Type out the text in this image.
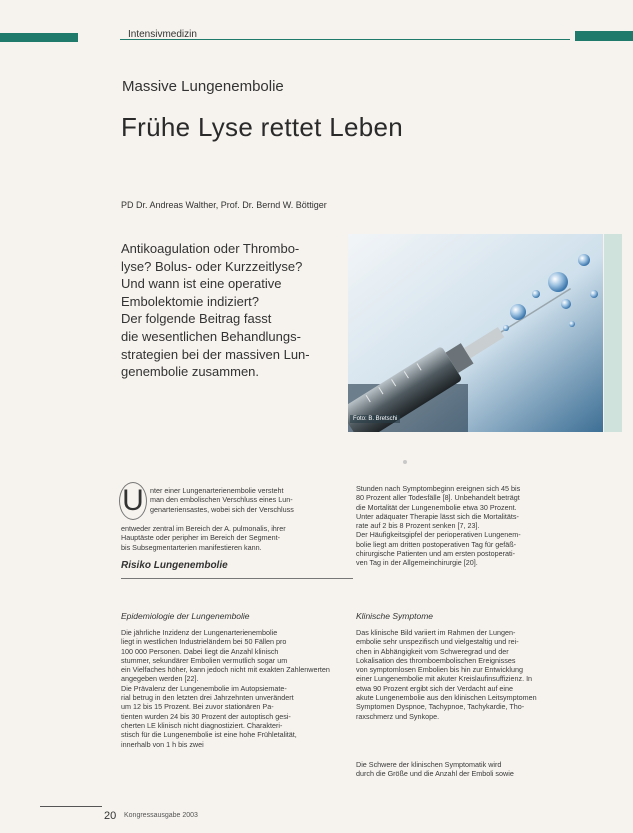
Intensivmedizin
Massive Lungenembolie
Frühe Lyse rettet Leben
PD Dr. Andreas Walther, Prof. Dr. Bernd W. Böttiger
Antikoagulation oder Thrombo-
lyse? Bolus- oder Kurzzeitlyse?
Und wann ist eine operative
Embolektomie indiziert?
Der folgende Beitrag fasst
die wesentlichen Behandlungs-
strategien bei der massiven Lun-
genembolie zusammen.
Foto: B. Bretschi
U nter einer Lungenarterienembolie versteht
man den embolischen Verschluss eines Lun-
genarteriensastes, wobei sich der Verschluss
entweder zentral im Bereich der A. pulmonalis, ihrer
Hauptäste oder peripher im Bereich der Segment-
bis Subsegmentarterien manifestieren kann.
Risiko Lungenembolie
Epidemiologie der Lungenembolie
Die jährliche Inzidenz der Lungenarterienembolie
liegt in westlichen Industrieländern bei 50 Fällen pro
100 000 Personen. Dabei liegt die Anzahl klinisch
stummer, sekundärer Embolien vermutlich sogar um
ein Vielfaches höher, kann jedoch nicht mit exakten Zahlenwerten
angegeben werden [22].
Die Prävalenz der Lungenembolie im Autopsiemate-
rial betrug in den letzten drei Jahrzehnten unverändert
um 12 bis 15 Prozent. Bei zuvor stationären Pa-
tienten wurden 24 bis 30 Prozent der autoptisch gesi-
cherten LE klinisch nicht diagnostiziert. Charakteri-
stisch für die Lungenembolie ist eine hohe Frühletalität,
innerhalb von 1 h bis zwei
Stunden nach Symptombeginn ereignen sich 45 bis
80 Prozent aller Todesfälle [8]. Unbehandelt beträgt
die Mortalität der Lungenembolie etwa 30 Prozent.
Unter adäquater Therapie lässt sich die Mortalitäts-
rate auf 2 bis 8 Prozent senken [7, 23].
Der Häufigkeitsgipfel der perioperativen Lungenem-
bolie liegt am dritten postoperativen Tag für gefäß-
chirurgische Patienten und am ersten postoperati-
ven Tag in der Allgemeinchirurgie [20].
Klinische Symptome
Das klinische Bild variiert im Rahmen der Lungen-
embolie sehr unspezifisch und vielgestaltig und rei-
chen in Abhängigkeit vom Schweregrad und der
Lokalisation des thromboembolischen Ereignisses
von symptomlosen Embolien bis hin zur Entwicklung
einer Lungenembolie mit akuter Kreislaufinsuffizienz. In
etwa 90 Prozent ergibt sich der Verdacht auf eine
akute Lungenembolie aus den klinischen Leitsymptomen
Symptomen Dyspnoe, Tachypnoe, Tachykardie, Tho-
raxschmerz und Synkope.
Die Schwere der klinischen Symptomatik wird
durch die Größe und die Anzahl der Emboli sowie
20 Kongressausgabe 2003
